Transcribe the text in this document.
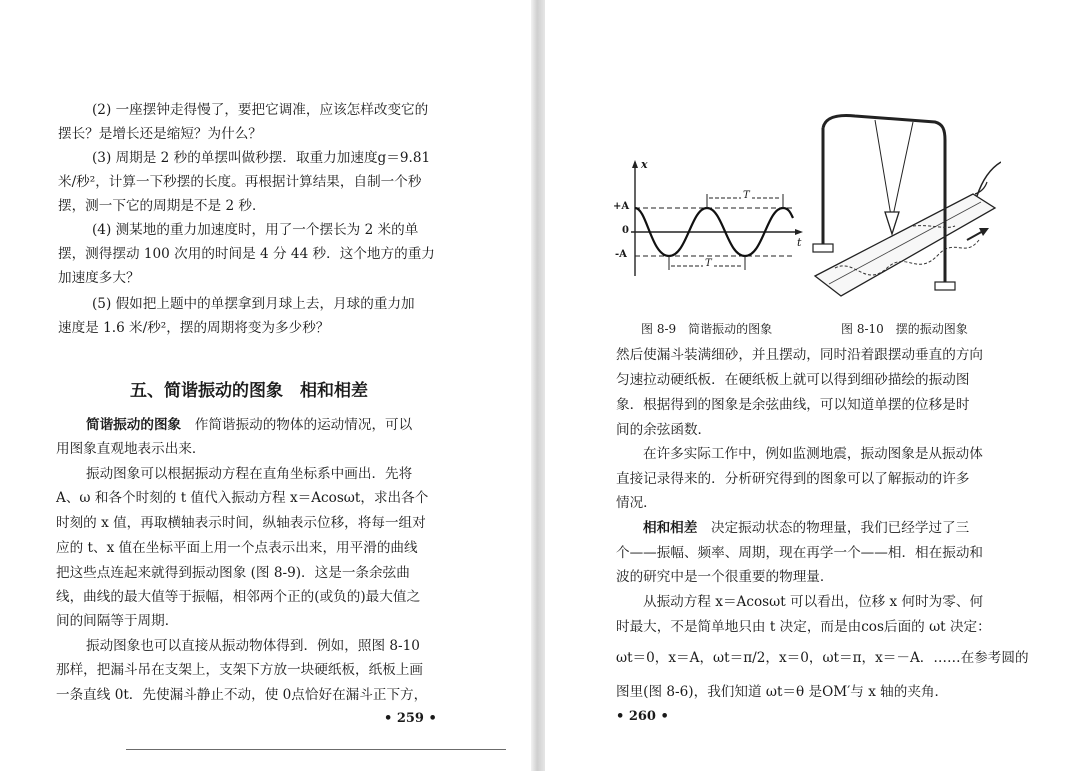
(2) 一座摆钟走得慢了，要把它调准，应该怎样改变它的
摆长？是增长还是缩短？为什么？
(3) 周期是 2 秒的单摆叫做秒摆．取重力加速度g＝9.81
米/秒²，计算一下秒摆的长度。再根据计算结果，自制一个秒
摆，测一下它的周期是不是 2 秒．
(4) 测某地的重力加速度时，用了一个摆长为 2 米的单
摆，测得摆动 100 次用的时间是 4 分 44 秒．这个地方的重力
加速度多大？
(5) 假如把上题中的单摆拿到月球上去，月球的重力加
速度是 1.6 米/秒²，摆的周期将变为多少秒？
五、简谐振动的图象　相和相差
简谐振动的图象　 作简谐振动的物体的运动情况，可以
用图象直观地表示出来．
振动图象可以根据振动方程在直角坐标系中画出．先将
A、ω 和各个时刻的 t 值代入振动方程 x＝Acosωt，求出各个
时刻的 x 值，再取横轴表示时间，纵轴表示位移，将每一组对
应的 t、x 值在坐标平面上用一个点表示出来，用平滑的曲线
把这些点连起来就得到振动图象 (图 8-9)．这是一条余弦曲
线，曲线的最大值等于振幅，相邻两个正的(或负的)最大值之
间的间隔等于周期．
振动图象也可以直接从振动物体得到．例如，照图 8-10
那样，把漏斗吊在支架上，支架下方放一块硬纸板，纸板上画
一条直线 0t．先使漏斗静止不动，使 0点恰好在漏斗正下方，
• 259 •
x
t
+A
0
-A
T
T
图 8-9　简谐振动的图象	图 8-10　摆的振动图象
然后使漏斗装满细砂，并且摆动，同时沿着跟摆动垂直的方向
匀速拉动硬纸板．在硬纸板上就可以得到细砂描绘的振动图
象．根据得到的图象是余弦曲线，可以知道单摆的位移是时
间的余弦函数．
在许多实际工作中，例如监测地震，振动图象是从振动体
直接记录得来的．分析研究得到的图象可以了解振动的许多
情况．
相和相差　 决定振动状态的物理量，我们已经学过了三
个——振幅、频率、周期，现在再学一个——相．相在振动和
波的研究中是一个很重要的物理量．
从振动方程 x＝Acosωt 可以看出，位移 x 何时为零、何
时最大，不是简单地只由 t 决定，而是由cos后面的 ωt 决定：
ωt＝0，x＝A，ωt＝π/2，x＝0，ωt＝π，x＝－A．……在参考圆的
图里(图 8-6)，我们知道 ωt＝θ 是OM′与 x 轴的夹角．
• 260 •
